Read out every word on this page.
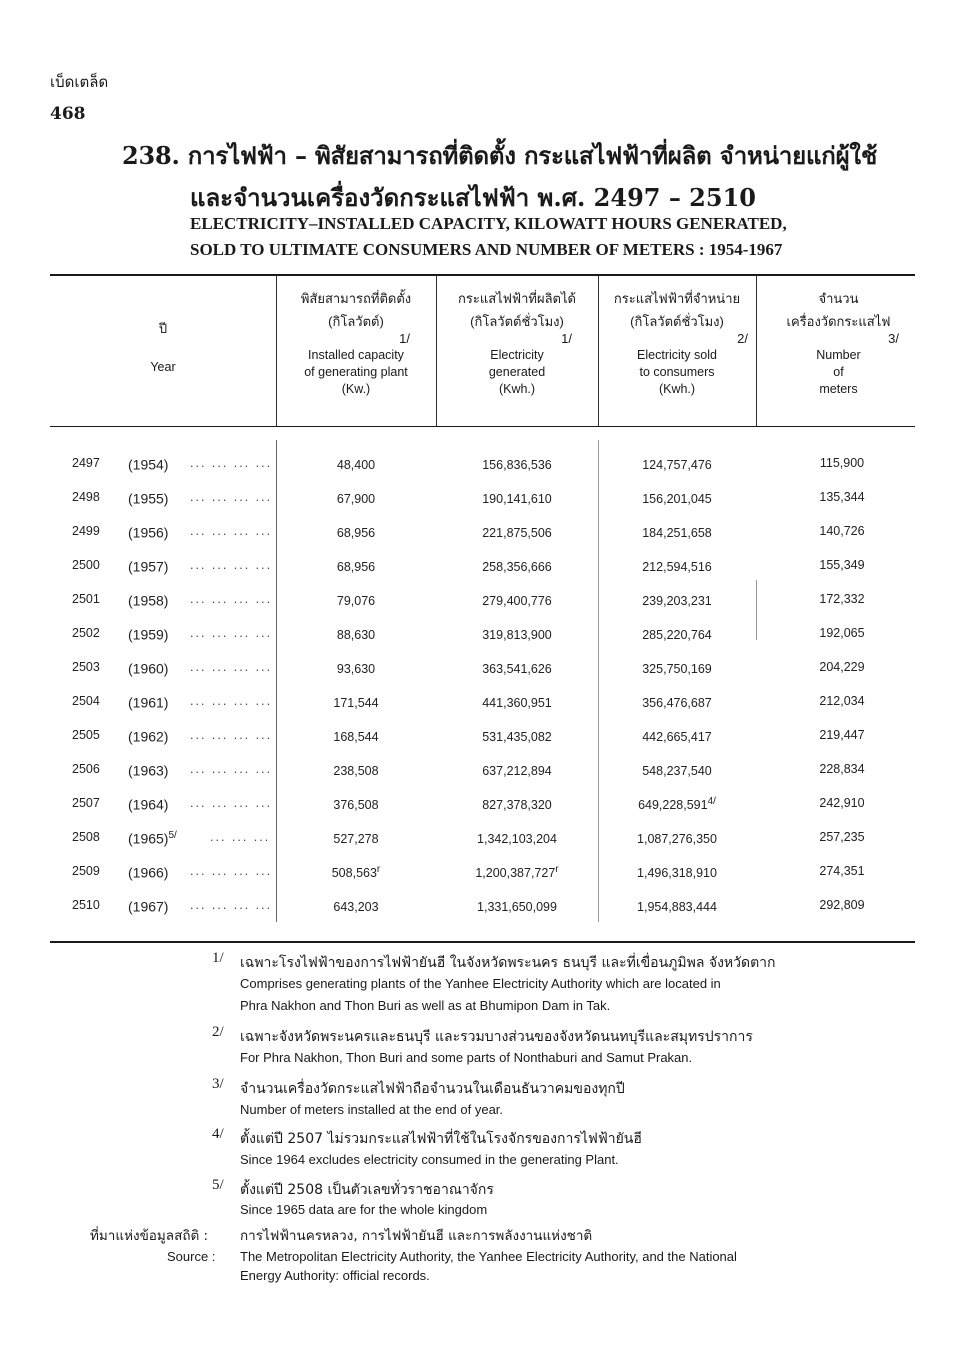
เบ็ดเตล็ด
468
238. การไฟฟ้า – พิสัยสามารถที่ติดตั้ง กระแสไฟฟ้าที่ผลิต จำหน่ายแก่ผู้ใช้
และจำนวนเครื่องวัดกระแสไฟฟ้า พ.ศ. 2497 – 2510
ELECTRICITY–INSTALLED CAPACITY, KILOWATT HOURS GENERATED,
SOLD TO ULTIMATE CONSUMERS AND NUMBER OF METERS : 1954-1967
ปี
Year
พิสัยสามารถที่ติดตั้ง
(กิโลวัตต์)
1/
Installed capacity
of generating plant
(Kw.)
กระแสไฟฟ้าที่ผลิตได้
(กิโลวัตต์ชั่วโมง)
1/
Electricity
generated
(Kwh.)
กระแสไฟฟ้าที่จำหน่าย
(กิโลวัตต์ชั่วโมง)
2/
Electricity sold
to consumers
(Kwh.)
จำนวน
เครื่องวัดกระแสไฟ
3/
Number
of
meters
2497 (1954) ... ... ... ...	48,400	156,836,536	124,757,476	115,900
2498 (1955) ... ... ... ...	67,900	190,141,610	156,201,045	135,344
2499 (1956) ... ... ... ...	68,956	221,875,506	184,251,658	140,726
2500 (1957) ... ... ... ...	68,956	258,356,666	212,594,516	155,349
2501 (1958) ... ... ... ...	79,076	279,400,776	239,203,231	172,332
2502 (1959) ... ... ... ...	88,630	319,813,900	285,220,764	192,065
2503 (1960) ... ... ... ...	93,630	363,541,626	325,750,169	204,229
2504 (1961) ... ... ... ...	171,544	441,360,951	356,476,687	212,034
2505 (1962) ... ... ... ...	168,544	531,435,082	442,665,417	219,447
2506 (1963) ... ... ... ...	238,508	637,212,894	548,237,540	228,834
2507 (1964) ... ... ... ...	376,508	827,378,320	$649,228,591^{4/}$	242,910
2508 $(1965)^{5/}$	... ... ...	527,278	1,342,103,204	1,087,276,350	257,235
2509 (1966) ... ... ... ...	508,563$^r$	1,200,387,727$^r$	1,496,318,910	274,351
2510 (1967) ... ... ... ...	643,203	1,331,650,099	1,954,883,444	292,809
1/ เฉพาะโรงไฟฟ้าของการไฟฟ้ายันฮี ในจังหวัดพระนคร ธนบุรี และที่เขื่อนภูมิพล จังหวัดตาก
Comprises generating plants of the Yanhee Electricity Authority which are located in
Phra Nakhon and Thon Buri as well as at Bhumipon Dam in Tak.
2/ เฉพาะจังหวัดพระนครและธนบุรี และรวมบางส่วนของจังหวัดนนทบุรีและสมุทรปราการ
For Phra Nakhon, Thon Buri and some parts of Nonthaburi and Samut Prakan.
3/ จำนวนเครื่องวัดกระแสไฟฟ้าถือจำนวนในเดือนธันวาคมของทุกปี
Number of meters installed at the end of year.
4/ ตั้งแต่ปี 2507 ไม่รวมกระแสไฟฟ้าที่ใช้ในโรงจักรของการไฟฟ้ายันฮี
Since 1964 excludes electricity consumed in the generating Plant.
5/ ตั้งแต่ปี 2508 เป็นตัวเลขทั่วราชอาณาจักร
Since 1965 data are for the whole kingdom
ที่มาแห่งข้อมูลสถิติ : การไฟฟ้านครหลวง, การไฟฟ้ายันฮี และการพลังงานแห่งชาติ
Source : The Metropolitan Electricity Authority, the Yanhee Electricity Authority, and the National
Energy Authority: official records.
